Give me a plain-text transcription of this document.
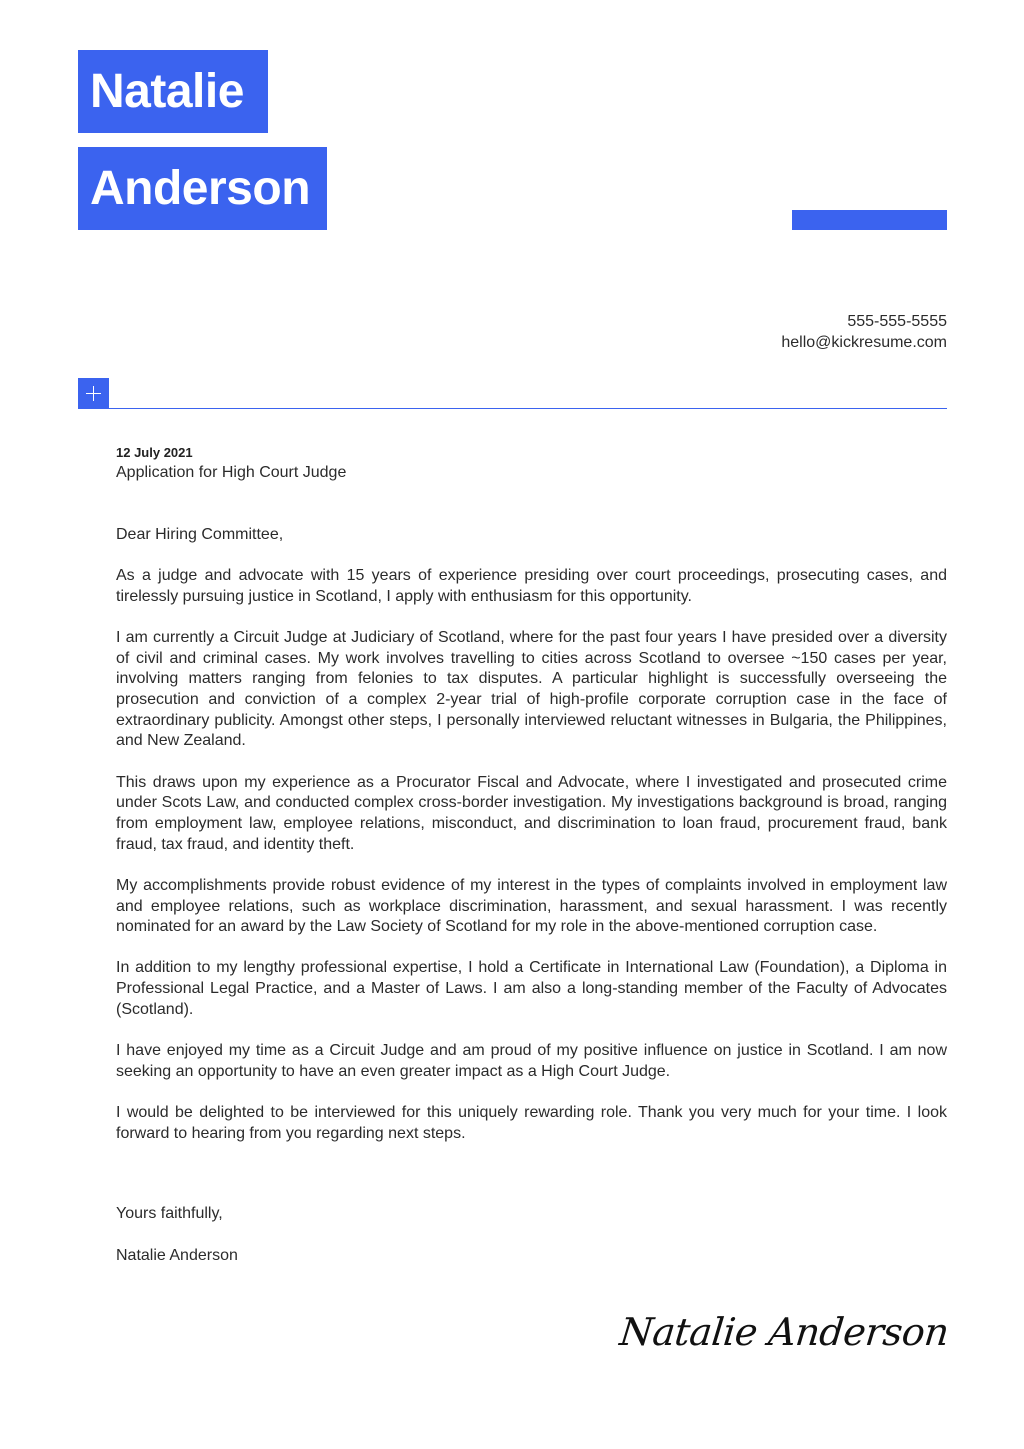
Natalie
Anderson
555-555-5555
hello@kickresume.com

12 July 2021

Application for High Court Judge

Dear Hiring Committee,

As a judge and advocate with 15 years of experience presiding over court proceedings, prosecuting cases, and tirelessly pursuing justice in Scotland, I apply with enthusiasm for this opportunity.

I am currently a Circuit Judge at Judiciary of Scotland, where for the past four years I have presided over a diversity of civil and criminal cases. My work involves travelling to cities across Scotland to oversee ~150 cases per year, involving matters ranging from felonies to tax disputes. A particular highlight is successfully overseeing the prosecution and conviction of a complex 2-year trial of high-profile corporate corruption case in the face of extraordinary publicity. Amongst other steps, I personally interviewed reluctant witnesses in Bulgaria, the Philippines, and New Zealand.

This draws upon my experience as a Procurator Fiscal and Advocate, where I investigated and prosecuted crime under Scots Law, and conducted complex cross-border investigation. My investigations background is broad, ranging from employment law, employee relations, misconduct, and discrimination to loan fraud, procurement fraud, bank fraud, tax fraud, and identity theft.

My accomplishments provide robust evidence of my interest in the types of complaints involved in employment law and employee relations, such as workplace discrimination, harassment, and sexual harassment. I was recently nominated for an award by the Law Society of Scotland for my role in the above-mentioned corruption case.

In addition to my lengthy professional expertise, I hold a Certificate in International Law (Foundation), a Diploma in Professional Legal Practice, and a Master of Laws. I am also a long-standing member of the Faculty of Advocates (Scotland).

I have enjoyed my time as a Circuit Judge and am proud of my positive influence on justice in Scotland. I am now seeking an opportunity to have an even greater impact as a High Court Judge.

I would be delighted to be interviewed for this uniquely rewarding role. Thank you very much for your time. I look forward to hearing from you regarding next steps.

Yours faithfully,

Natalie Anderson

Natalie Anderson
